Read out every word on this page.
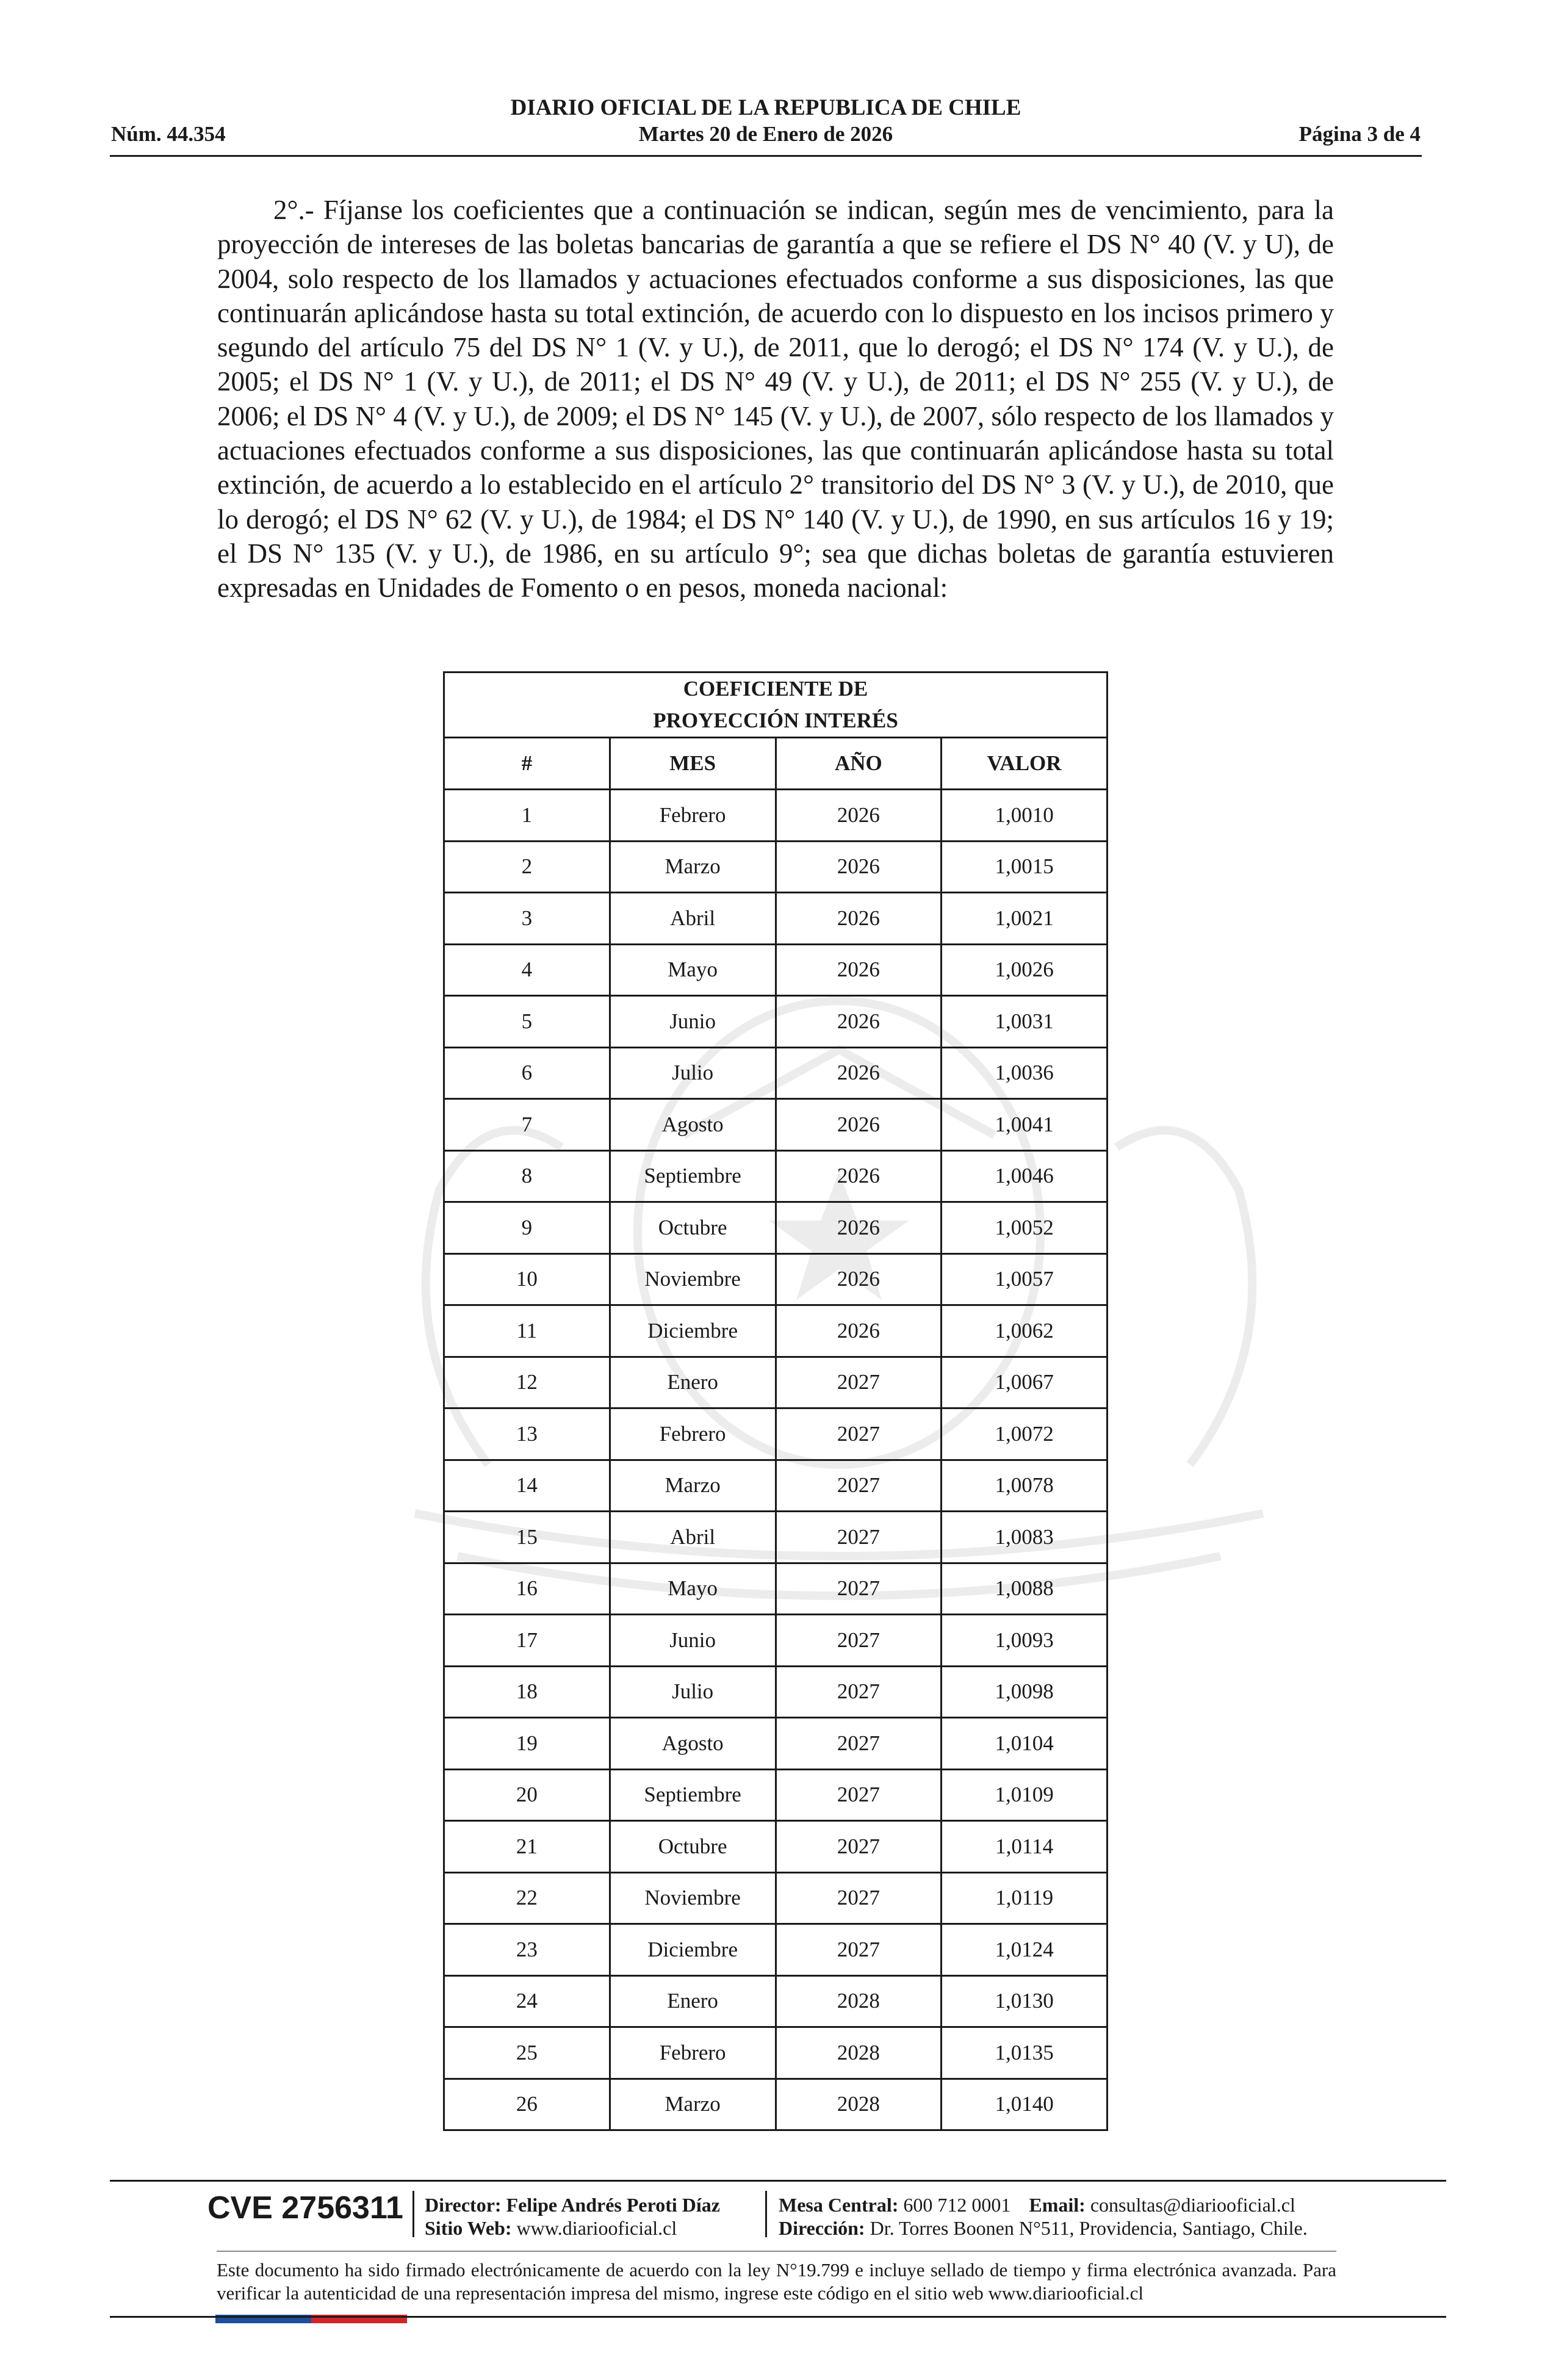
DIARIO OFICIAL DE LA REPUBLICA DE CHILE
Núm. 44.354	Martes 20 de Enero de 2026	Página 3 de 4
2°.- Fíjanse los coeficientes que a continuación se indican, según mes de vencimiento, para la proyección de intereses de las boletas bancarias de garantía a que se refiere el DS N° 40 (V. y U), de 2004, solo respecto de los llamados y actuaciones efectuados conforme a sus disposiciones, las que continuarán aplicándose hasta su total extinción, de acuerdo con lo dispuesto en los incisos primero y segundo del artículo 75 del DS N° 1 (V. y U.), de 2011, que lo derogó; el DS N° 174 (V. y U.), de 2005; el DS N° 1 (V. y U.), de 2011; el DS N° 49 (V. y U.), de 2011; el DS N° 255 (V. y U.), de 2006; el DS N° 4 (V. y U.), de 2009; el DS N° 145 (V. y U.), de 2007, sólo respecto de los llamados y actuaciones efectuados conforme a sus disposiciones, las que continuarán aplicándose hasta su total extinción, de acuerdo a lo establecido en el artículo 2° transitorio del DS N° 3 (V. y U.), de 2010, que lo derogó; el DS N° 62 (V. y U.), de 1984; el DS N° 140 (V. y U.), de 1990, en sus artículos 16 y 19; el DS N° 135 (V. y U.), de 1986, en su artículo 9°; sea que dichas boletas de garantía estuvieren expresadas en Unidades de Fomento o en pesos, moneda nacional:
COEFICIENTE DE
PROYECCIÓN INTERÉS			

#	MES	AÑO	VALOR
1	Febrero	2026	1,0010
2	Marzo	2026	1,0015
3	Abril	2026	1,0021
4	Mayo	2026	1,0026
5	Junio	2026	1,0031
6	Julio	2026	1,0036
7	Agosto	2026	1,0041
8	Septiembre	2026	1,0046
9	Octubre	2026	1,0052
10	Noviembre	2026	1,0057
11	Diciembre	2026	1,0062
12	Enero	2027	1,0067
13	Febrero	2027	1,0072
14	Marzo	2027	1,0078
15	Abril	2027	1,0083
16	Mayo	2027	1,0088
17	Junio	2027	1,0093
18	Julio	2027	1,0098
19	Agosto	2027	1,0104
20	Septiembre	2027	1,0109
21	Octubre	2027	1,0114
22	Noviembre	2027	1,0119
23	Diciembre	2027	1,0124
24	Enero	2028	1,0130
25	Febrero	2028	1,0135
26	Marzo	2028	1,0140
CVE 2756311 Director: Felipe Andrés Peroti Díaz
Sitio Web: www.diariooficial.cl
Mesa Central: 600 712 0001 Email: consultas@diariooficial.cl
Dirección: Dr. Torres Boonen N°511, Providencia, Santiago, Chile.
Este documento ha sido firmado electrónicamente de acuerdo con la ley N°19.799 e incluye sellado de tiempo y firma electrónica avanzada. Para verificar la autenticidad de una representación impresa del mismo, ingrese este código en el sitio web www.diariooficial.cl
